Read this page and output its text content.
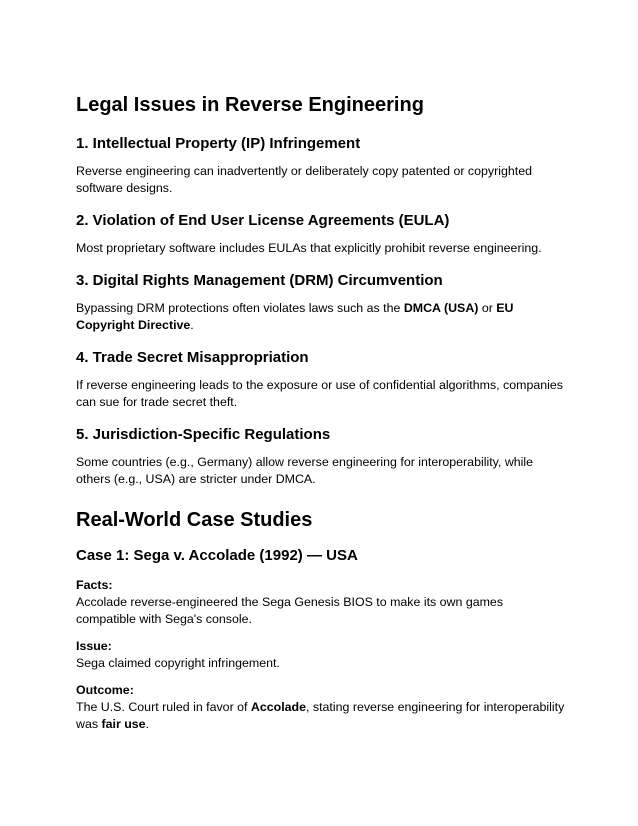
Legal Issues in Reverse Engineering
1. Intellectual Property (IP) Infringement

Reverse engineering can inadvertently or deliberately copy patented or copyrighted software designs.

2. Violation of End User License Agreements (EULA)

Most proprietary software includes EULAs that explicitly prohibit reverse engineering.

3. Digital Rights Management (DRM) Circumvention

Bypassing DRM protections often violates laws such as the DMCA (USA) or EU Copyright Directive.

4. Trade Secret Misappropriation

If reverse engineering leads to the exposure or use of confidential algorithms, companies can sue for trade secret theft.

5. Jurisdiction-Specific Regulations

Some countries (e.g., Germany) allow reverse engineering for interoperability, while others (e.g., USA) are stricter under DMCA.

Real-World Case Studies
Case 1: Sega v. Accolade (1992) — USA

Facts:
Accolade reverse-engineered the Sega Genesis BIOS to make its own games compatible with Sega's console.

Issue:
Sega claimed copyright infringement.

Outcome:
The U.S. Court ruled in favor of Accolade, stating reverse engineering for interoperability was fair use.
